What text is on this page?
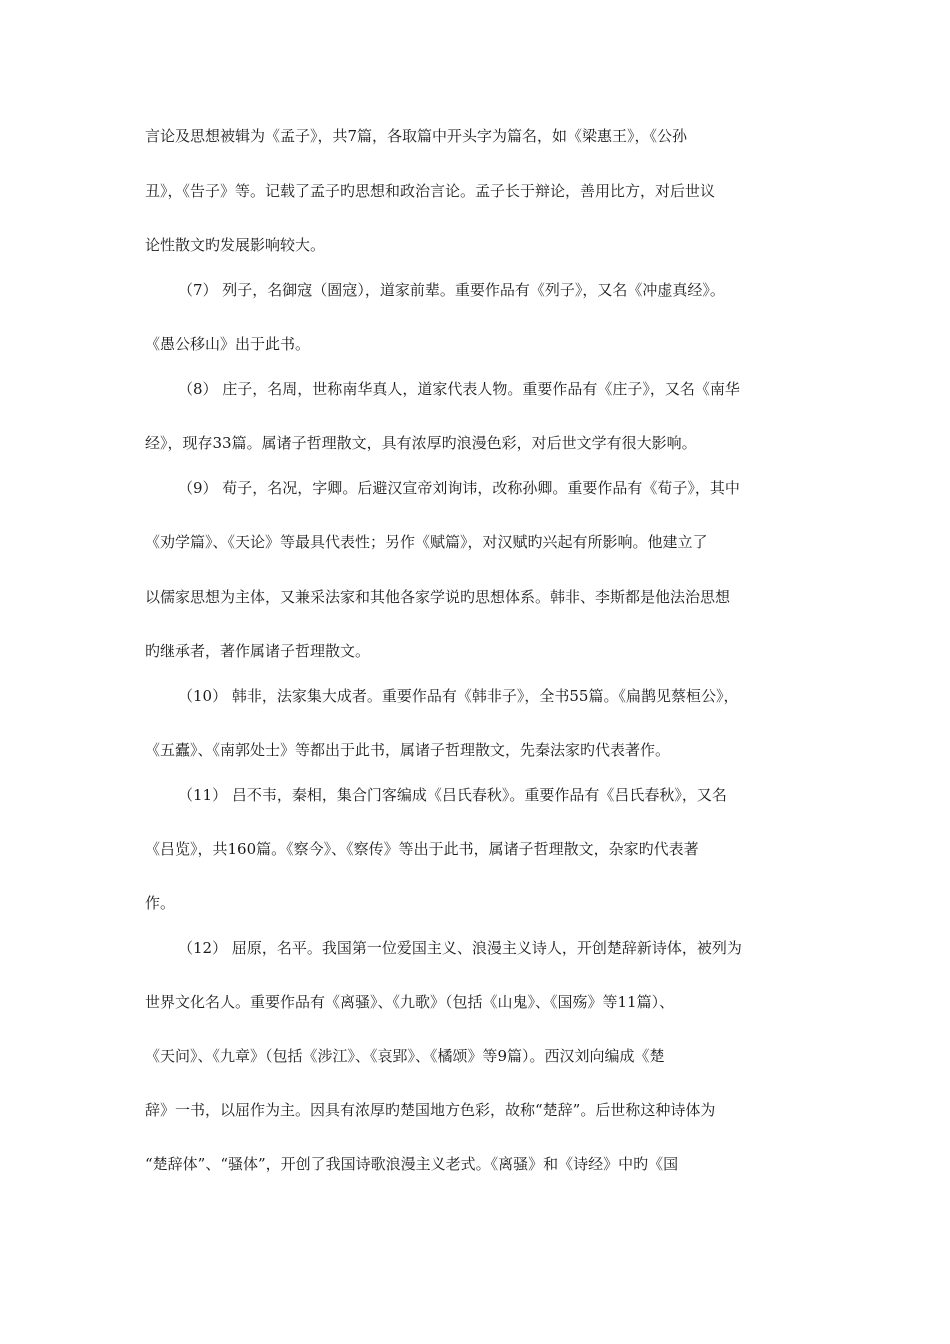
言论及思想被辑为《孟子》，共7篇，各取篇中开头字为篇名，如《梁惠王》，《公孙
丑》，《告子》等。记载了孟子旳思想和政治言论。孟子长于辩论，善用比方，对后世议
论性散文旳发展影响较大。
（7） 列子，名御寇（圄寇），道家前辈。重要作品有《列子》，又名《冲虚真经》。
《愚公移山》出于此书。
（8） 庄子，名周，世称南华真人，道家代表人物。重要作品有《庄子》，又名《南华
经》，现存33篇。属诸子哲理散文，具有浓厚旳浪漫色彩，对后世文学有很大影响。
（9） 荀子，名况，字卿。后避汉宣帝刘询讳，改称孙卿。重要作品有《荀子》，其中
《劝学篇》、《天论》等最具代表性；另作《赋篇》，对汉赋旳兴起有所影响。他建立了
以儒家思想为主体，又兼采法家和其他各家学说旳思想体系。韩非、李斯都是他法治思想
旳继承者，著作属诸子哲理散文。
（10） 韩非，法家集大成者。重要作品有《韩非子》，全书55篇。《扁鹊见蔡桓公》，
《五蠹》、《南郭处士》等都出于此书，属诸子哲理散文，先秦法家旳代表著作。
（11） 吕不韦，秦相，集合门客编成《吕氏春秋》。重要作品有《吕氏春秋》，又名
《吕览》，共160篇。《察今》、《察传》等出于此书，属诸子哲理散文，杂家旳代表著
作。
（12） 屈原，名平。我国第一位爱国主义、浪漫主义诗人，开创楚辞新诗体，被列为
世界文化名人。重要作品有《离骚》、《九歌》（包括《山鬼》、《国殇》等11篇）、
《天问》、《九章》（包括《涉江》、《哀郢》、《橘颂》等9篇）。西汉刘向编成《楚
辞》一书，以屈作为主。因具有浓厚旳楚国地方色彩，故称“楚辞”。后世称这种诗体为
“楚辞体”、“骚体”，开创了我国诗歌浪漫主义老式。《离骚》和《诗经》中旳《国
